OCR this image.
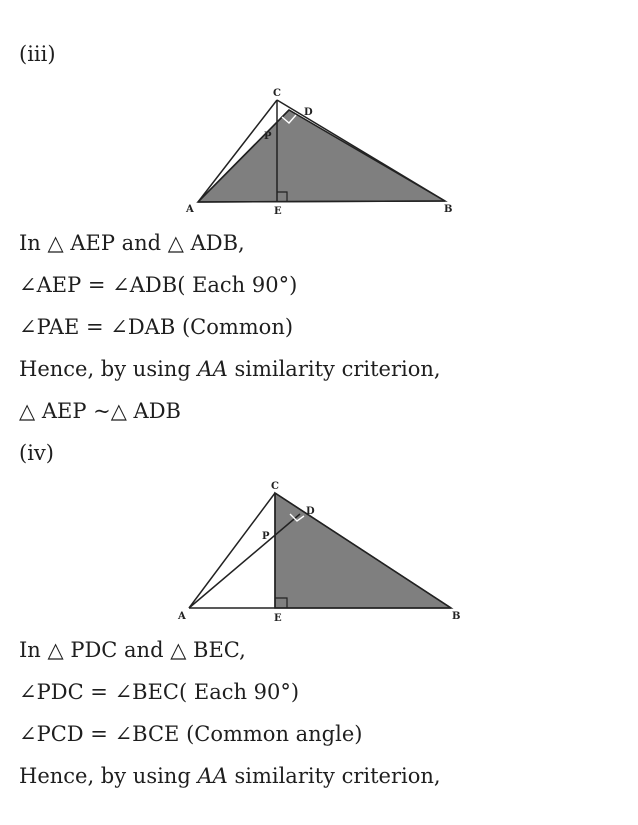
(iii)
C
D
P
A	E	B
In △ AEP and △ ADB,
∠AEP = ∠ADB( Each 90°)
∠PAE = ∠DAB (Common)
Hence, by using AA similarity criterion,
△ AEP ~△ ADB
(iv)
C
D
P
A	E	B
In △ PDC and △ BEC,
∠PDC = ∠BEC( Each 90°)
∠PCD = ∠BCE (Common angle)
Hence, by using AA similarity criterion,
